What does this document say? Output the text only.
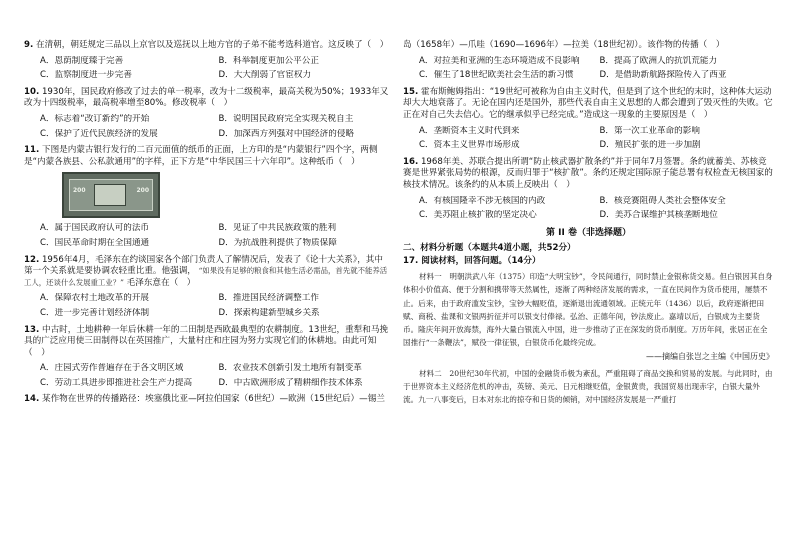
9. 在清朝，朝廷规定三品以上京官以及巡抚以上地方官的子弟不能考选科道官。这反映了（　）
A．恩荫制度臻于完善	B．科举制度更加公平公正
C．监察制度进一步完善	D．大大削弱了官宦权力
10. 1930年，国民政府修改了过去的单一税率，改为十二级税率，最高关税为50%；1933年又改为十四级税率，最高税率增至80%。修改税率（　）
A．标志着“改订新约”的开始	B．说明国民政府完全实现关税自主
C．保护了近代民族经济的发展	D．加深西方列强对中国经济的侵略
11. 下图是内蒙古银行发行的二百元面值的纸币的正面，上方印的是“内蒙银行”四个字，两侧是“内蒙各族县、公私款通用”的字样，正下方是“中华民国三十六年印”。这种纸币（　）
200	200
A．属于国民政府认可的法币	B．见证了中共民族政策的胜利
C．国民革命时期在全国通通	D．为抗战胜利提供了物质保障
12. 1956年4月，毛泽东在约谈国家各个部门负责人了解情况后，发表了《论十大关系》，其中第一个关系就是要协调农轻重比重。他强调， “如果没有足够的粮食和其他生活必需品，首先就不能养活工人，还谈什么发展重工业？” 毛泽东意在（　）
A．保障农村土地改革的开展	B．推进国民经济调整工作
C．进一步完善计划经济体制	D．探索构建新型城乡关系
13. 中古时，土地耕种一年后休耕一年的二田制是西欧最典型的农耕制度。13世纪，重犁和马挽具的广泛应用使三田制得以在英国推广，大量村庄和庄园为努力实现它们的休耕地。由此可知（　）
A．庄园式劳作普遍存在于各文明区域	B．农业技术创新引发土地所有制变革
C．劳动工具进步即推进社会生产力提高	D．中古欧洲形成了精耕细作技术体系
14. 某作物在世界的传播路径：埃塞俄比亚—阿拉伯国家（6世纪）—欧洲（15世纪后）—锡兰
岛（1658年）—爪哇（1690—1696年）—拉美（18世纪初）。该作物的传播（　）
A．对拉美和亚洲的生态环境造成不良影响	B．提高了欧洲人的抗饥荒能力
C．催生了18世纪欧美社会生活的新习惯	D．是借助新航路探险传入了西亚
15. 霍布斯鲍姆指出：“19世纪可被称为自由主义时代，但是到了这个世纪的末时，这种体大运动却大大地衰落了。无论在国内还是国外，那些代表自由主义思想的人都会遭到了毁灭性的失败。它正在对自己失去信心。它的继承似乎已经完成。”造成这一现象的主要原因是（　）
A．垄断资本主义时代到来	B．第一次工业革命的影响
C．资本主义世界市场形成	D．殖民扩张的进一步加剧
16. 1968年美、苏联合提出所谓“防止核武器扩散条约”并于同年7月签署。条约就蓄美、苏核竞赛是世界紧张局势的根源，反而归罪于“核扩散”。条约还规定国际原子能总署有权检查无核国家的核技术情况。该条约的从本质上反映出（　）
A．有核国隆幸不涉无核国的内政	B．核竞赛阻碍人类社会整体安全
C．美苏阻止核扩散的坚定决心	D．美苏合谋维护其核垄断地位
第 II 卷（非选择题）
二、材料分析题（本题共4道小题，共52分）
17. 阅读材料，回答问题。（14分）

材料一　明朝洪武八年（1375）印造“大明宝钞”，令民间通行，同时禁止金银称货交易。但白银因其自身体积小价值高、便于分割和携带等天然属性，逐渐了两种经济发展的需求，一直在民间作为货币使用，屡禁不止。后来，由于政府滥发宝钞，宝钞大幅贬值，逐渐退出流通领域。正统元年（1436）以后，政府逐渐把田赋、商税、盐课和文银两折征并可以银支付俸禄。弘治、正德年间，钞法废止。嘉靖以后，白银成为主要货币。隆庆年间开放海禁，海外大量白银流入中国，进一步推动了正在深发的货币制度。万历年间，张居正在全国推行“一条鞭法”，赋役一律征银，白银货币化最终完成。

——摘编自张岂之主编《中国历史》

材料二　20世纪30年代初，中国的金融货币极为紊乱，严重阻碍了商品交换和贸易的发展。与此同时，由于世界资本主义经济危机的冲击，英镑、美元、日元相继贬值，金银黄贵，我国贸易出现赤字，白银大量外流。九一八事变后，日本对东北的掠夺和日货的倾销，对中国经济发展是一严重打
